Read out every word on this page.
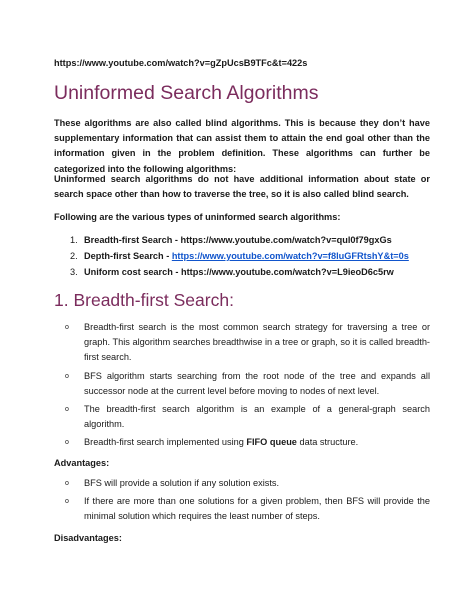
https://www.youtube.com/watch?v=gZpUcsB9TFc&t=422s
Uninformed Search Algorithms
These algorithms are also called blind algorithms. This is because they don’t have supplementary information that can assist them to attain the end goal other than the information given in the problem definition. These algorithms can further be categorized into the following algorithms:
Uninformed search algorithms do not have additional information about state or search space other than how to traverse the tree, so it is also called blind search.
Following are the various types of uninformed search algorithms:
1. Breadth-first Search - https://www.youtube.com/watch?v=qul0f79gxGs
2. Depth-first Search - https://www.youtube.com/watch?v=f8luGFRtshY&t=0s
3. Uniform cost search - https://www.youtube.com/watch?v=L9ieoD6c5rw
1. Breadth-first Search:
o	Breadth-first search is the most common search strategy for traversing a tree or graph. This algorithm searches breadthwise in a tree or graph, so it is called breadth-first search.
o	BFS algorithm starts searching from the root node of the tree and expands all successor node at the current level before moving to nodes of next level.
o	The breadth-first search algorithm is an example of a general-graph search algorithm.
o	Breadth-first search implemented using FIFO queue data structure.
Advantages:
o	BFS will provide a solution if any solution exists.
o	If there are more than one solutions for a given problem, then BFS will provide the minimal solution which requires the least number of steps.
Disadvantages:
